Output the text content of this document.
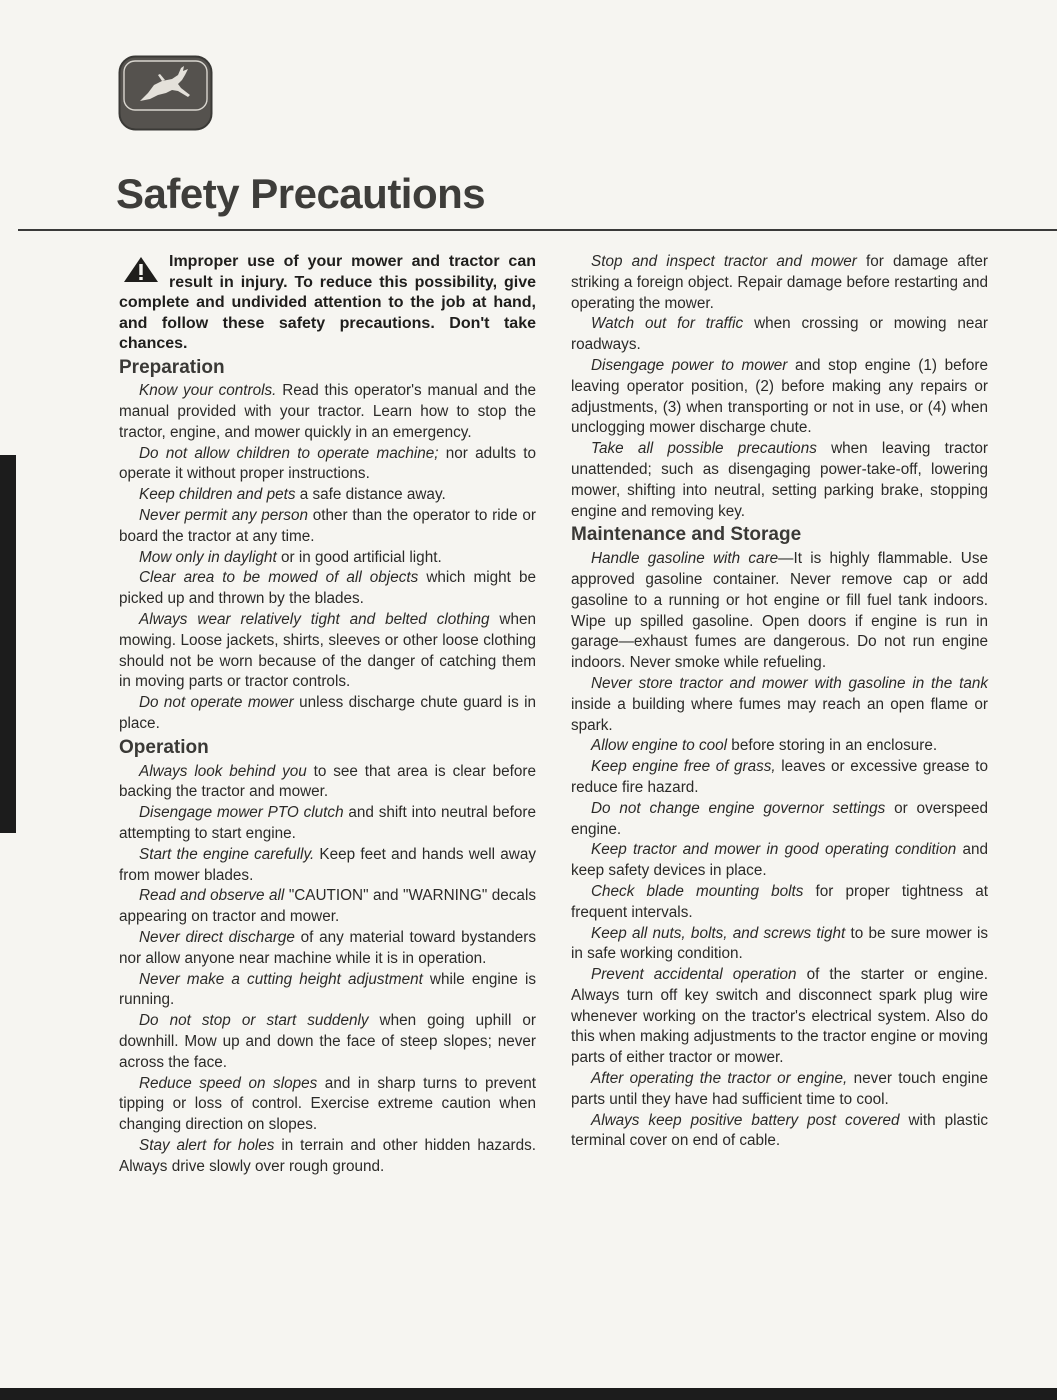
Safety Precautions
Improper use of your mower and tractor can result in injury. To reduce this possibility, give complete and undivided attention to the job at hand, and follow these safety precautions. Don't take chances.
Preparation

Know your controls. Read this operator's manual and the manual provided with your tractor. Learn how to stop the tractor, engine, and mower quickly in an emergency.

Do not allow children to operate machine; nor adults to operate it without proper instructions.

Keep children and pets a safe distance away.

Never permit any person other than the operator to ride or board the tractor at any time.

Mow only in daylight or in good artificial light.

Clear area to be mowed of all objects which might be picked up and thrown by the blades.

Always wear relatively tight and belted clothing when mowing. Loose jackets, shirts, sleeves or other loose clothing should not be worn because of the danger of catching them in moving parts or tractor controls.

Do not operate mower unless discharge chute guard is in place.

Operation

Always look behind you to see that area is clear before backing the tractor and mower.

Disengage mower PTO clutch and shift into neutral before attempting to start engine.

Start the engine carefully. Keep feet and hands well away from mower blades.

Read and observe all "CAUTION" and "WARNING" decals appearing on tractor and mower.

Never direct discharge of any material toward bystanders nor allow anyone near machine while it is in operation.

Never make a cutting height adjustment while engine is running.

Do not stop or start suddenly when going uphill or downhill. Mow up and down the face of steep slopes; never across the face.

Reduce speed on slopes and in sharp turns to prevent tipping or loss of control. Exercise extreme caution when changing direction on slopes.

Stay alert for holes in terrain and other hidden hazards. Always drive slowly over rough ground.

Stop and inspect tractor and mower for damage after striking a foreign object. Repair damage before restarting and operating the mower.

Watch out for traffic when crossing or mowing near roadways.

Disengage power to mower and stop engine (1) before leaving operator position, (2) before making any repairs or adjustments, (3) when transporting or not in use, or (4) when unclogging mower discharge chute.

Take all possible precautions when leaving tractor unattended; such as disengaging power-take-off, lowering mower, shifting into neutral, setting parking brake, stopping engine and removing key.

Maintenance and Storage

Handle gasoline with care—It is highly flammable. Use approved gasoline container. Never remove cap or add gasoline to a running or hot engine or fill fuel tank indoors. Wipe up spilled gasoline. Open doors if engine is run in garage—exhaust fumes are dangerous. Do not run engine indoors. Never smoke while refueling.

Never store tractor and mower with gasoline in the tank inside a building where fumes may reach an open flame or spark.

Allow engine to cool before storing in an enclosure.

Keep engine free of grass, leaves or excessive grease to reduce fire hazard.

Do not change engine governor settings or overspeed engine.

Keep tractor and mower in good operating condition and keep safety devices in place.

Check blade mounting bolts for proper tightness at frequent intervals.

Keep all nuts, bolts, and screws tight to be sure mower is in safe working condition.

Prevent accidental operation of the starter or engine. Always turn off key switch and disconnect spark plug wire whenever working on the tractor's electrical system. Also do this when making adjustments to the tractor engine or moving parts of either tractor or mower.

After operating the tractor or engine, never touch engine parts until they have had sufficient time to cool.

Always keep positive battery post covered with plastic terminal cover on end of cable.
